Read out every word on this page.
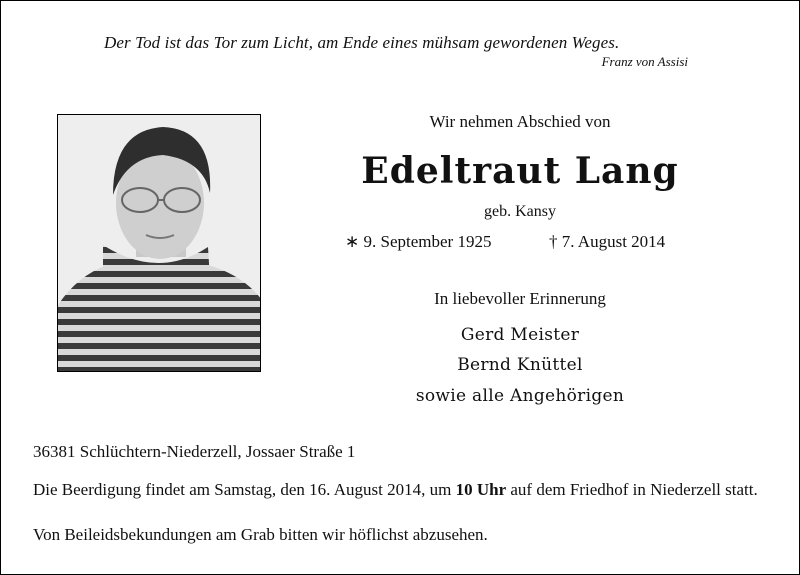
Der Tod ist das Tor zum Licht, am Ende eines mühsam gewordenen Weges.
Franz von Assisi
Wir nehmen Abschied von
Edeltraut Lang
geb. Kansy
∗ 9. September 1925	† 7. August 2014
In liebevoller Erinnerung
Gerd Meister
Bernd Knüttel
sowie alle Angehörigen
36381 Schlüchtern-Niederzell, Jossaer Straße 1
Die Beerdigung findet am Samstag, den 16. August 2014, um 10 Uhr auf dem Friedhof in Niederzell statt.
Von Beileidsbekundungen am Grab bitten wir höflichst abzusehen.
